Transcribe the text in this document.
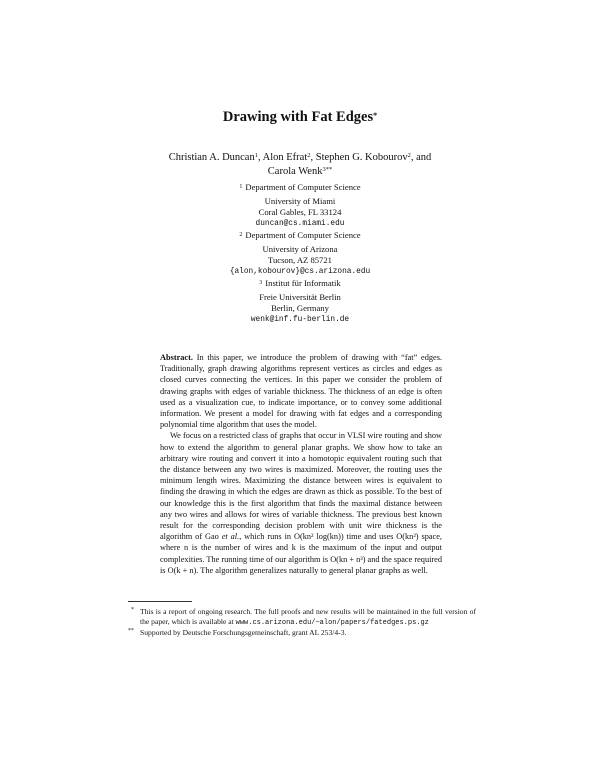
Drawing with Fat Edges*
Christian A. Duncan$^1$, Alon Efrat$^2$, Stephen G. Kobourov$^2$, and
Carola Wenk$^{3**}$
$^1$ Department of Computer Science
University of Miami
Coral Gables, FL 33124
duncan@cs.miami.edu
$^2$ Department of Computer Science
University of Arizona
Tucson, AZ 85721
{alon,kobourov}@cs.arizona.edu
$^3$ Institut für Informatik
Freie Universität Berlin
Berlin, Germany
wenk@inf.fu-berlin.de

Abstract. In this paper, we introduce the problem of drawing with “fat” edges. Traditionally, graph drawing algorithms represent vertices as circles and edges as closed curves connecting the vertices. In this paper we consider the problem of drawing graphs with edges of variable thickness. The thickness of an edge is often used as a visualization cue, to indicate importance, or to convey some additional information. We present a model for drawing with fat edges and a corresponding polynomial time algorithm that uses the model.

We focus on a restricted class of graphs that occur in VLSI wire routing and show how to extend the algorithm to general planar graphs. We show how to take an arbitrary wire routing and convert it into a homotopic equivalent routing such that the distance between any two wires is maximized. Moreover, the routing uses the minimum length wires. Maximizing the distance between wires is equivalent to finding the drawing in which the edges are drawn as thick as possible. To the best of our knowledge this is the first algorithm that finds the maximal distance between any two wires and allows for wires of variable thickness. The previous best known result for the corresponding decision problem with unit wire thickness is the algorithm of Gao et al., which runs in O(kn² log(kn)) time and uses O(kn²) space, where n is the number of wires and k is the maximum of the input and output complexities. The running time of our algorithm is O(kn + n³) and the space required is O(k + n). The algorithm generalizes naturally to general planar graphs as well.

* This is a report of ongoing research. The full proofs and new results will be maintained in the full version of the paper, which is available at www.cs.arizona.edu/~alon/papers/fatedges.ps.gz
** Supported by Deutsche Forschungsgemeinschaft, grant AL 253/4-3.
